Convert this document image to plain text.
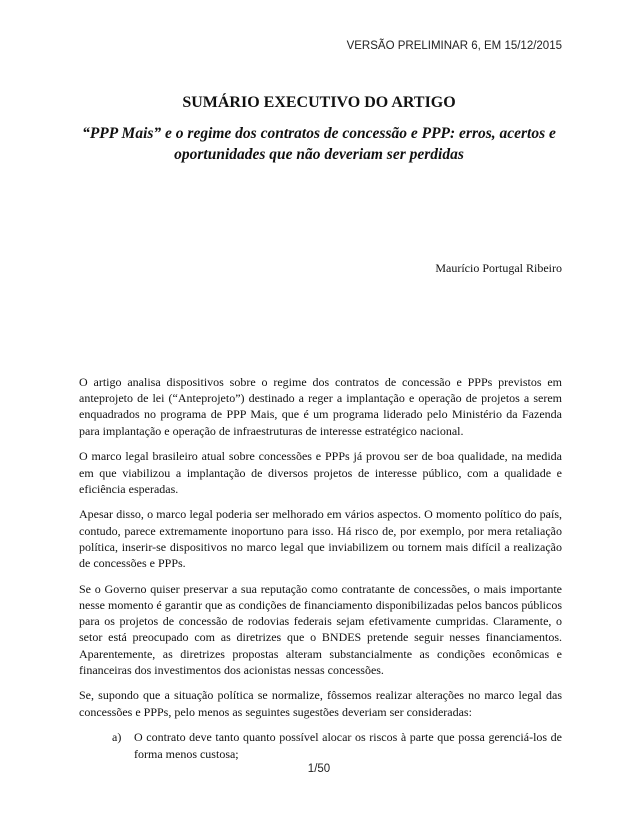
VERSÃO PRELIMINAR 6, EM 15/12/2015
SUMÁRIO EXECUTIVO DO ARTIGO
“PPP Mais” e o regime dos contratos de concessão e PPP: erros, acertos e oportunidades que não deveriam ser perdidas
Maurício Portugal Ribeiro

O artigo analisa dispositivos sobre o regime dos contratos de concessão e PPPs previstos em anteprojeto de lei (“Anteprojeto”) destinado a reger a implantação e operação de projetos a serem enquadrados no programa de PPP Mais, que é um programa liderado pelo Ministério da Fazenda para implantação e operação de infraestruturas de interesse estratégico nacional.

O marco legal brasileiro atual sobre concessões e PPPs já provou ser de boa qualidade, na medida em que viabilizou a implantação de diversos projetos de interesse público, com a qualidade e eficiência esperadas.

Apesar disso, o marco legal poderia ser melhorado em vários aspectos. O momento político do país, contudo, parece extremamente inoportuno para isso. Há risco de, por exemplo, por mera retaliação política, inserir-se dispositivos no marco legal que inviabilizem ou tornem mais difícil a realização de concessões e PPPs.

Se o Governo quiser preservar a sua reputação como contratante de concessões, o mais importante nesse momento é garantir que as condições de financiamento disponibilizadas pelos bancos públicos para os projetos de concessão de rodovias federais sejam efetivamente cumpridas. Claramente, o setor está preocupado com as diretrizes que o BNDES pretende seguir nesses financiamentos. Aparentemente, as diretrizes propostas alteram substancialmente as condições econômicas e financeiras dos investimentos dos acionistas nessas concessões.

Se, supondo que a situação política se normalize, fôssemos realizar alterações no marco legal das concessões e PPPs, pelo menos as seguintes sugestões deveriam ser consideradas:

a)	O contrato deve tanto quanto possível alocar os riscos à parte que possa gerenciá-los de forma menos custosa;
1/50
